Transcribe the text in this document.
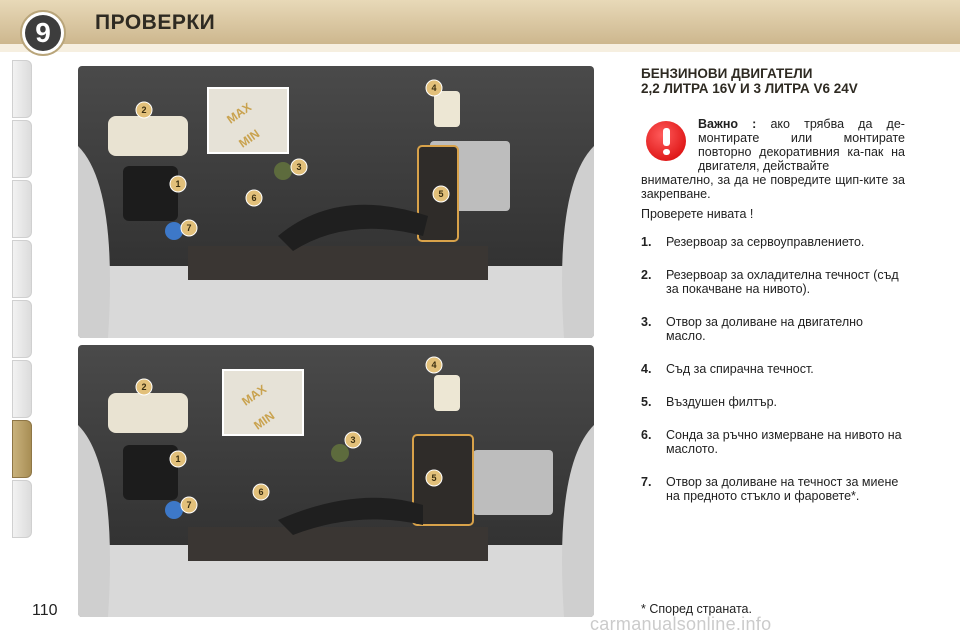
9	ПРОВЕРКИ
MAX
MIN
1
2
3
4
5
6
7
MAX
MIN
1
2
3
4
5
6
7

БЕНЗИНОВИ ДВИГАТЕЛИ

2,2 ЛИТРА 16V И 3 ЛИТРА V6 24V

Важно : ако трябва да де-монтирате или монтирате повторно декоративния ка-пак на двигателя, действайте
внимателно, за да не повредите щип-ките за закрепване.
Проверете нивата !
1.	Резервоар за сервоуправлението.
2.	Резервоар за охладителна течност (съд за покачване на нивото).
3.	Отвор за доливане на двигателно масло.
4.	Съд за спирачна течност.
5.	Въздушен филтър.
6.	Сонда за ръчно измерване на нивото на маслото.
7.	Отвор за доливане на течност за миене на предното стъкло и фаровете*.
110	* Според страната.
carmanualsonline.info
